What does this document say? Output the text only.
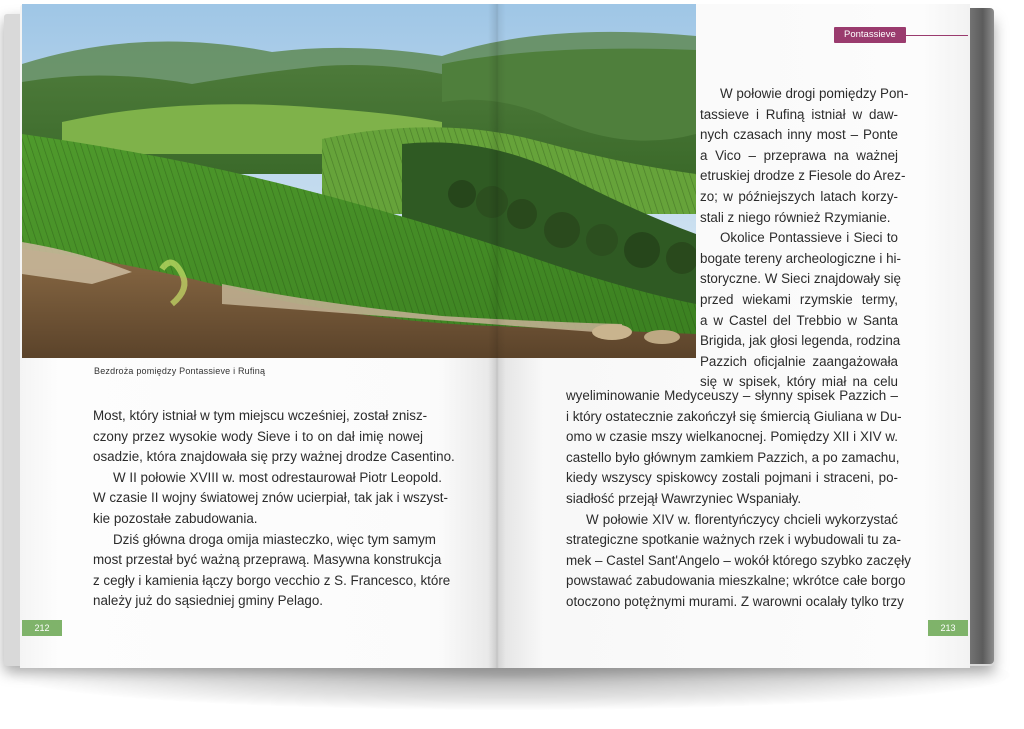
Bezdroża pomiędzy Pontassieve i Rufiną
Most, który istniał w tym miejscu wcześniej, został znisz-
czony przez wysokie wody Sieve i to on dał imię nowej
osadzie, która znajdowała się przy ważnej drodze Casentino.
W II połowie XVIII w. most odrestaurował Piotr Leopold.
W czasie II wojny światowej znów ucierpiał, tak jak i wszyst-
kie pozostałe zabudowania.
Dziś główna droga omija miasteczko, więc tym samym
most przestał być ważną przeprawą. Masywna konstrukcja
z cegły i kamienia łączy borgo vecchio z S. Francesco, które
należy już do sąsiedniej gminy Pelago.
W połowie drogi pomiędzy Pon-
tassieve i Rufiną istniał w daw-
nych czasach inny most – Ponte
a Vico – przeprawa na ważnej
etruskiej drodze z Fiesole do Arez-
zo; w późniejszych latach korzy-
stali z niego również Rzymianie.
Okolice Pontassieve i Sieci to
bogate tereny archeologiczne i hi-
storyczne. W Sieci znajdowały się
przed wiekami rzymskie termy,
a w Castel del Trebbio w Santa
Brigida, jak głosi legenda, rodzina
Pazzich oficjalnie zaangażowała
się w spisek, który miał na celu
wyeliminowanie Medyceuszy – słynny spisek Pazzich –
i który ostatecznie zakończył się śmiercią Giuliana w Du-
omo w czasie mszy wielkanocnej. Pomiędzy XII i XIV w.
castello było głównym zamkiem Pazzich, a po zamachu,
kiedy wszyscy spiskowcy zostali pojmani i straceni, po-
siadłość przejął Wawrzyniec Wspaniały.
W połowie XIV w. florentyńczycy chcieli wykorzystać
strategiczne spotkanie ważnych rzek i wybudowali tu za-
mek – Castel Sant'Angelo – wokół którego szybko zaczęły
powstawać zabudowania mieszkalne; wkrótce całe borgo
otoczono potężnymi murami. Z warowni ocalały tylko trzy
Pontassieve
212	213
